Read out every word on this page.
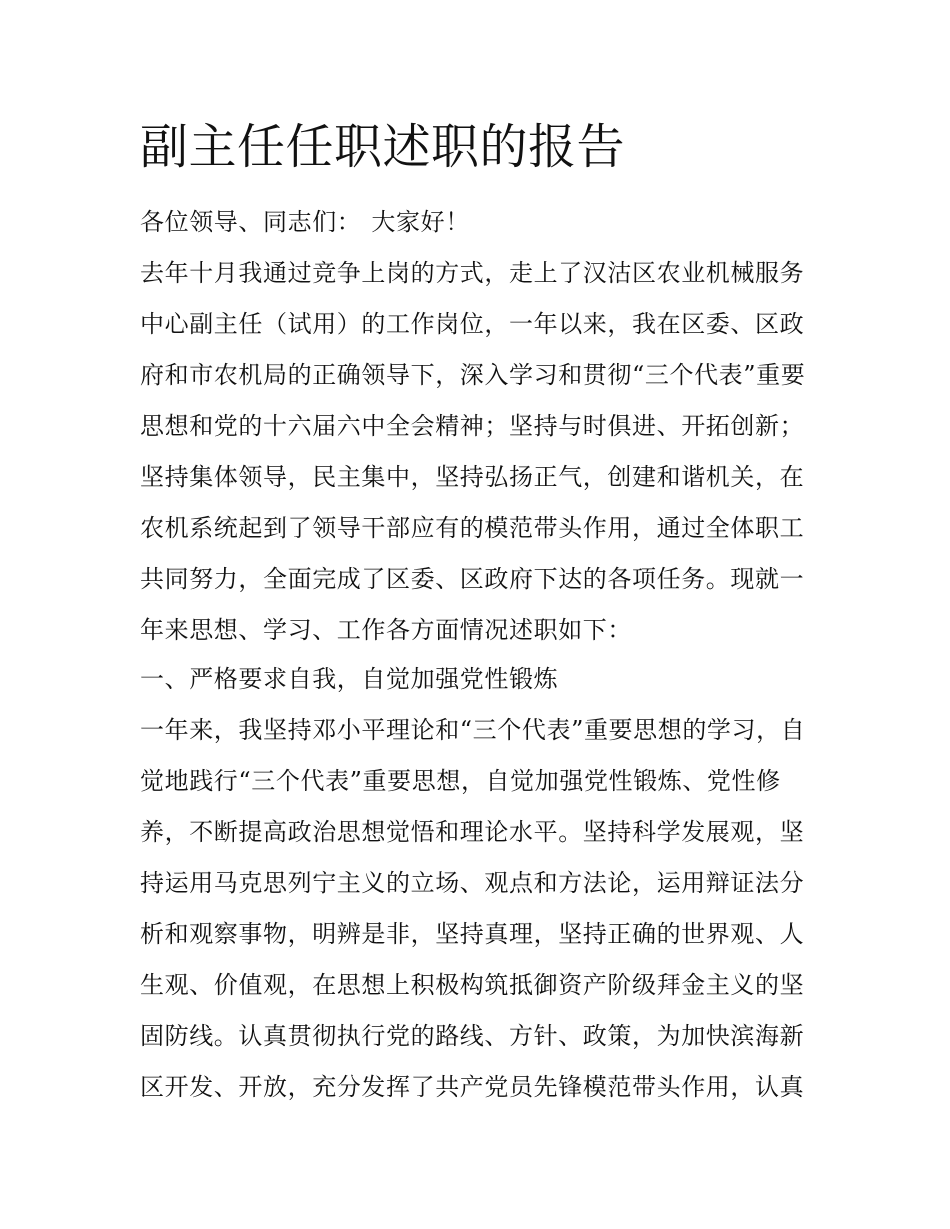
副主任任职述职的报告

各位领导、同志们： 大家好！

去年十月我通过竞争上岗的方式，走上了汉沽区农业机械服务

中心副主任（试用）的工作岗位，一年以来，我在区委、区政

府和市农机局的正确领导下，深入学习和贯彻“三个代表”重要

思想和党的十六届六中全会精神；坚持与时俱进、开拓创新；

坚持集体领导，民主集中，坚持弘扬正气，创建和谐机关，在

农机系统起到了领导干部应有的模范带头作用，通过全体职工

共同努力，全面完成了区委、区政府下达的各项任务。现就一

年来思想、学习、工作各方面情况述职如下：

一、严格要求自我，自觉加强党性锻炼

一年来，我坚持邓小平理论和“三个代表”重要思想的学习，自

觉地践行“三个代表”重要思想，自觉加强党性锻炼、党性修

养，不断提高政治思想觉悟和理论水平。坚持科学发展观，坚

持运用马克思列宁主义的立场、观点和方法论，运用辩证法分

析和观察事物，明辨是非，坚持真理，坚持正确的世界观、人

生观、价值观，在思想上积极构筑抵御资产阶级拜金主义的坚

固防线。认真贯彻执行党的路线、方针、政策，为加快滨海新

区开发、开放，充分发挥了共产党员先锋模范带头作用，认真
